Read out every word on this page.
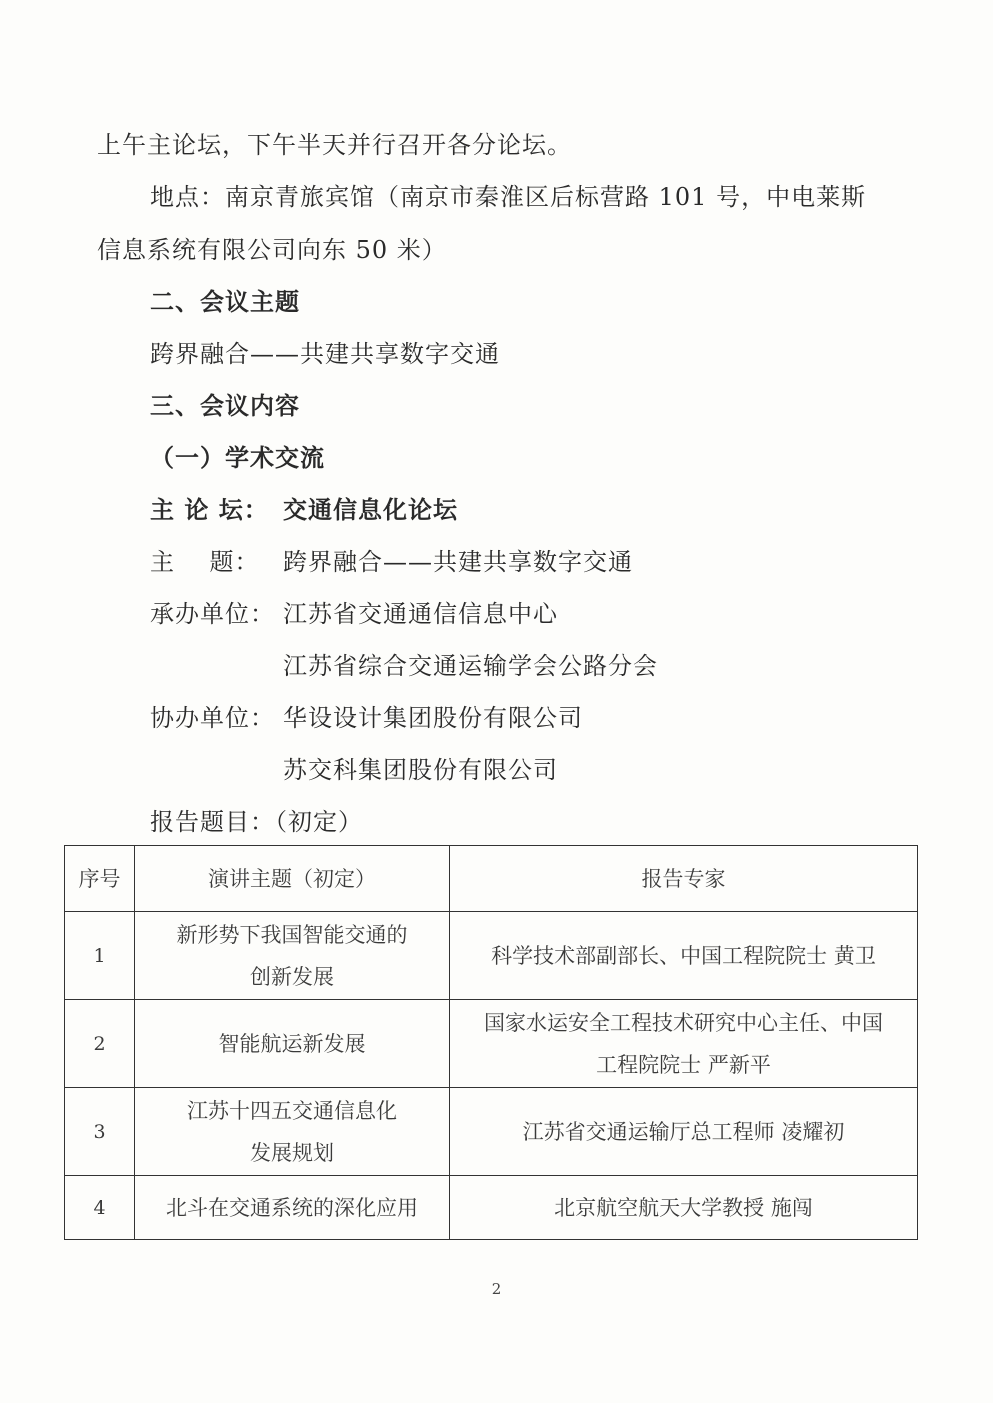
上午主论坛，下午半天并行召开各分论坛。
地点：南京青旅宾馆（南京市秦淮区后标营路 101 号，中电莱斯
信息系统有限公司向东 50 米）
二、会议主题
跨界融合——共建共享数字交通
三、会议内容
（一）学术交流
主 论 坛： 交通信息化论坛
主    题： 跨界融合——共建共享数字交通
承办单位： 江苏省交通通信信息中心
江苏省综合交通运输学会公路分会
协办单位： 华设设计集团股份有限公司
苏交科集团股份有限公司
报告题目：（初定）
序号	演讲主题（初定）	报告专家
1	新形势下我国智能交通的
创新发展	科学技术部副部长、中国工程院院士 黄卫

2	智能航运新发展	国家水运安全工程技术研究中心主任、中国
工程院院士 严新平

3	江苏十四五交通信息化
发展规划	江苏省交通运输厅总工程师 凌耀初

4	北斗在交通系统的深化应用	北京航空航天大学教授 施闯
2
